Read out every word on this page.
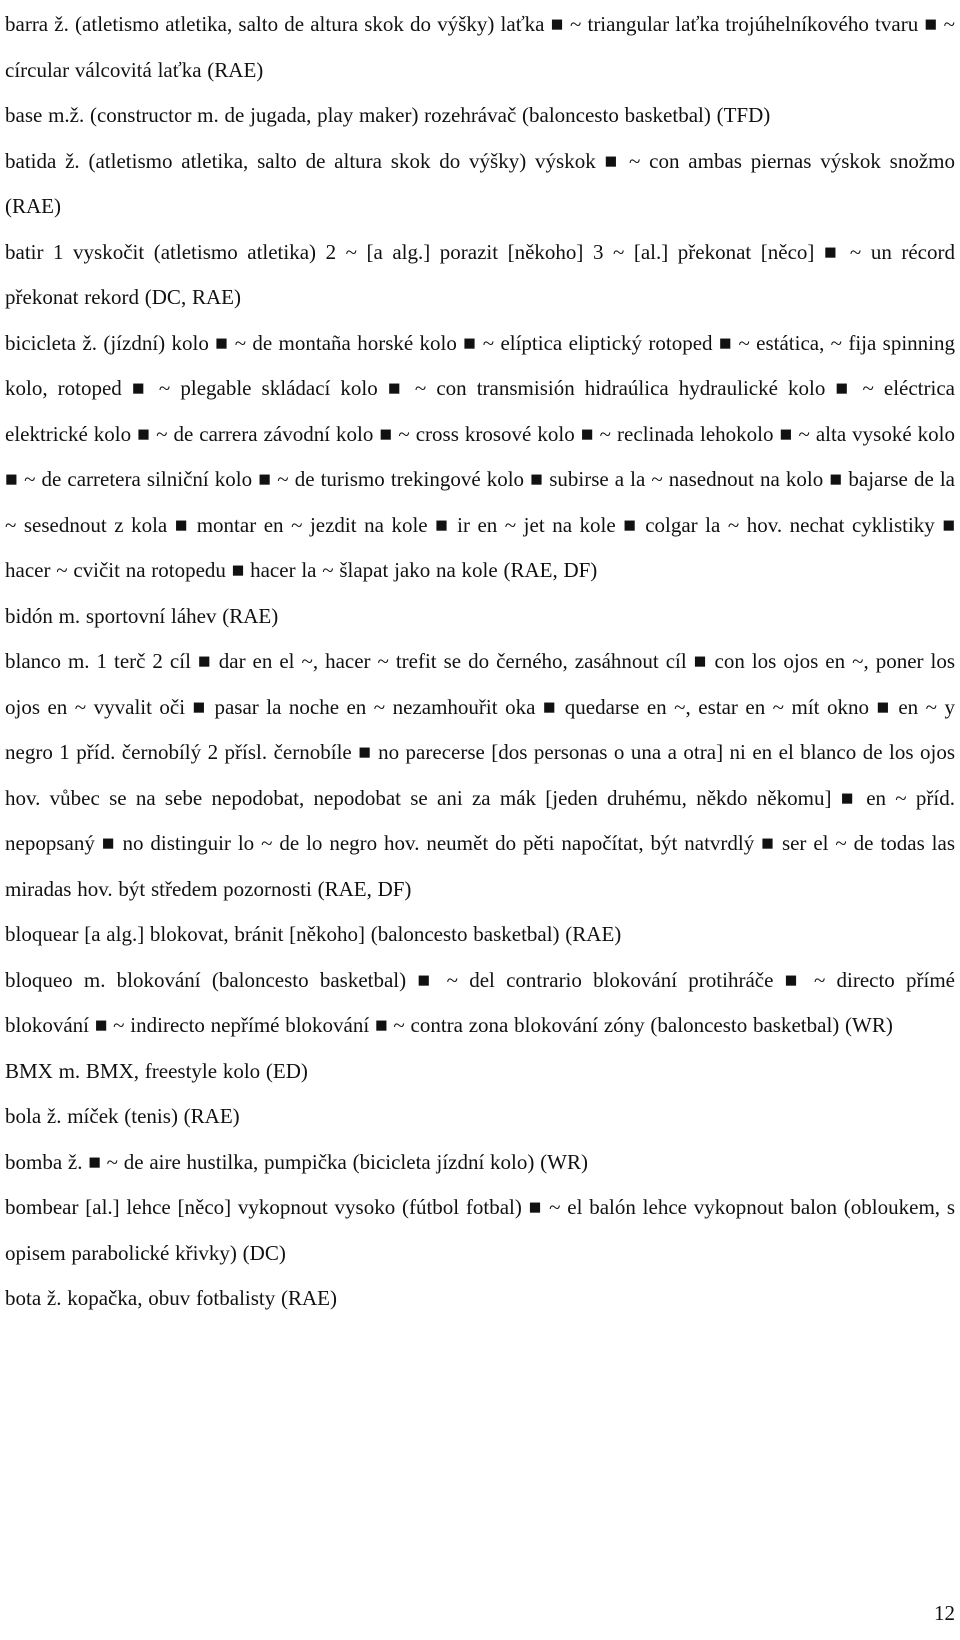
barra ž. (atletismo atletika, salto de altura skok do výšky) laťka ■ ~ triangular laťka trojúhelníkového tvaru ■ ~ círcular válcovitá laťka (RAE)

base m.ž. (constructor m. de jugada, play maker) rozehrávač (baloncesto basketbal) (TFD)

batida ž. (atletismo atletika, salto de altura skok do výšky) výskok ■ ~ con ambas piernas výskok snožmo (RAE)

batir 1 vyskočit (atletismo atletika) 2 ~ [a alg.] porazit [někoho] 3 ~ [al.] překonat [něco] ■ ~ un récord překonat rekord (DC, RAE)

bicicleta ž. (jízdní) kolo ■ ~ de montaña horské kolo ■ ~ elíptica eliptický rotoped ■ ~ estática, ~ fija spinning kolo, rotoped ■ ~ plegable skládací kolo ■ ~ con transmisión hidraúlica hydraulické kolo ■ ~ eléctrica elektrické kolo ■ ~ de carrera závodní kolo ■ ~ cross krosové kolo ■ ~ reclinada lehokolo ■ ~ alta vysoké kolo ■ ~ de carretera silniční kolo ■ ~ de turismo trekingové kolo ■ subirse a la ~ nasednout na kolo ■ bajarse de la ~ sesednout z kola ■ montar en ~ jezdit na kole ■ ir en ~ jet na kole ■ colgar la ~ hov. nechat cyklistiky ■ hacer ~ cvičit na rotopedu ■ hacer la ~ šlapat jako na kole (RAE, DF)

bidón m. sportovní láhev (RAE)

blanco m. 1 terč 2 cíl ■ dar en el ~, hacer ~ trefit se do černého, zasáhnout cíl ■ con los ojos en ~, poner los ojos en ~ vyvalit oči ■ pasar la noche en ~ nezamhouřit oka ■ quedarse en ~, estar en ~ mít okno ■ en ~ y negro 1 příd. černobílý 2 přísl. černobíle ■ no parecerse [dos personas o una a otra] ni en el blanco de los ojos hov. vůbec se na sebe nepodobat, nepodobat se ani za mák [jeden druhému, někdo někomu] ■ en ~ příd. nepopsaný ■ no distinguir lo ~ de lo negro hov. neumět do pěti napočítat, být natvrdlý ■ ser el ~ de todas las miradas hov. být středem pozornosti (RAE, DF)

bloquear [a alg.] blokovat, bránit [někoho] (baloncesto basketbal) (RAE)

bloqueo m. blokování (baloncesto basketbal) ■ ~ del contrario blokování protihráče ■ ~ directo přímé blokování ■ ~ indirecto nepřímé blokování ■ ~ contra zona blokování zóny (baloncesto basketbal) (WR)

BMX m. BMX, freestyle kolo (ED)

bola ž. míček (tenis) (RAE)

bomba ž. ■ ~ de aire hustilka, pumpička (bicicleta jízdní kolo) (WR)

bombear [al.] lehce [něco] vykopnout vysoko (fútbol fotbal) ■ ~ el balón lehce vykopnout balon (obloukem, s opisem parabolické křivky) (DC)

bota ž. kopačka, obuv fotbalisty (RAE)

12
